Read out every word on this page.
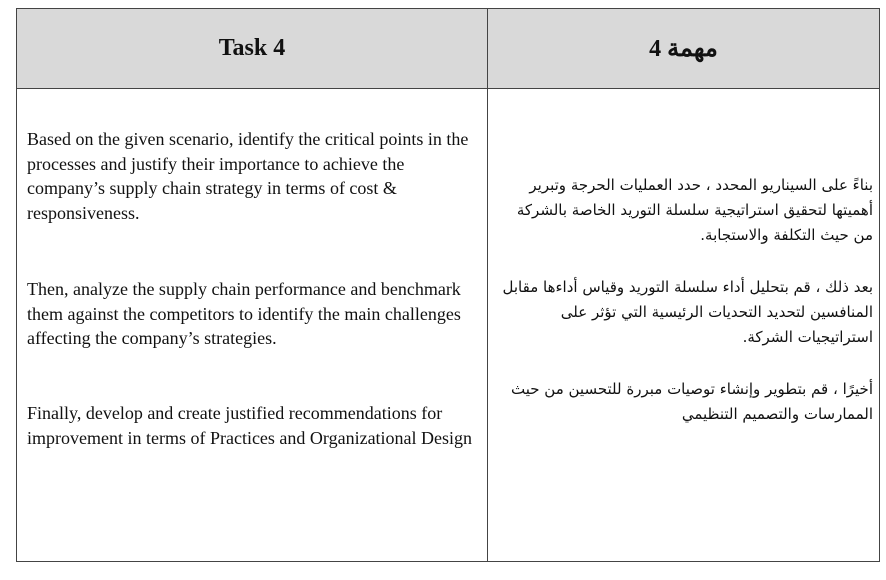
Task 4	مهمة 4

Based on the given scenario, identify the critical points in the processes and justify their importance to achieve the company’s supply chain strategy in terms of cost & responsiveness.

Then, analyze the supply chain performance and benchmark them against the competitors to identify the main challenges affecting the company’s strategies.

Finally, develop and create justified recommendations for improvement in terms of Practices and Organizational Design

بناءً على السيناريو المحدد ، حدد العمليات الحرجة وتبرير أهميتها لتحقيق استراتيجية سلسلة التوريد الخاصة بالشركة من حيث التكلفة والاستجابة.

بعد ذلك ، قم بتحليل أداء سلسلة التوريد وقياس أداءها مقابل المنافسين لتحديد التحديات الرئيسية التي تؤثر على استراتيجيات الشركة.

أخيرًا ، قم بتطوير وإنشاء توصيات مبررة للتحسين من حيث الممارسات والتصميم التنظيمي
